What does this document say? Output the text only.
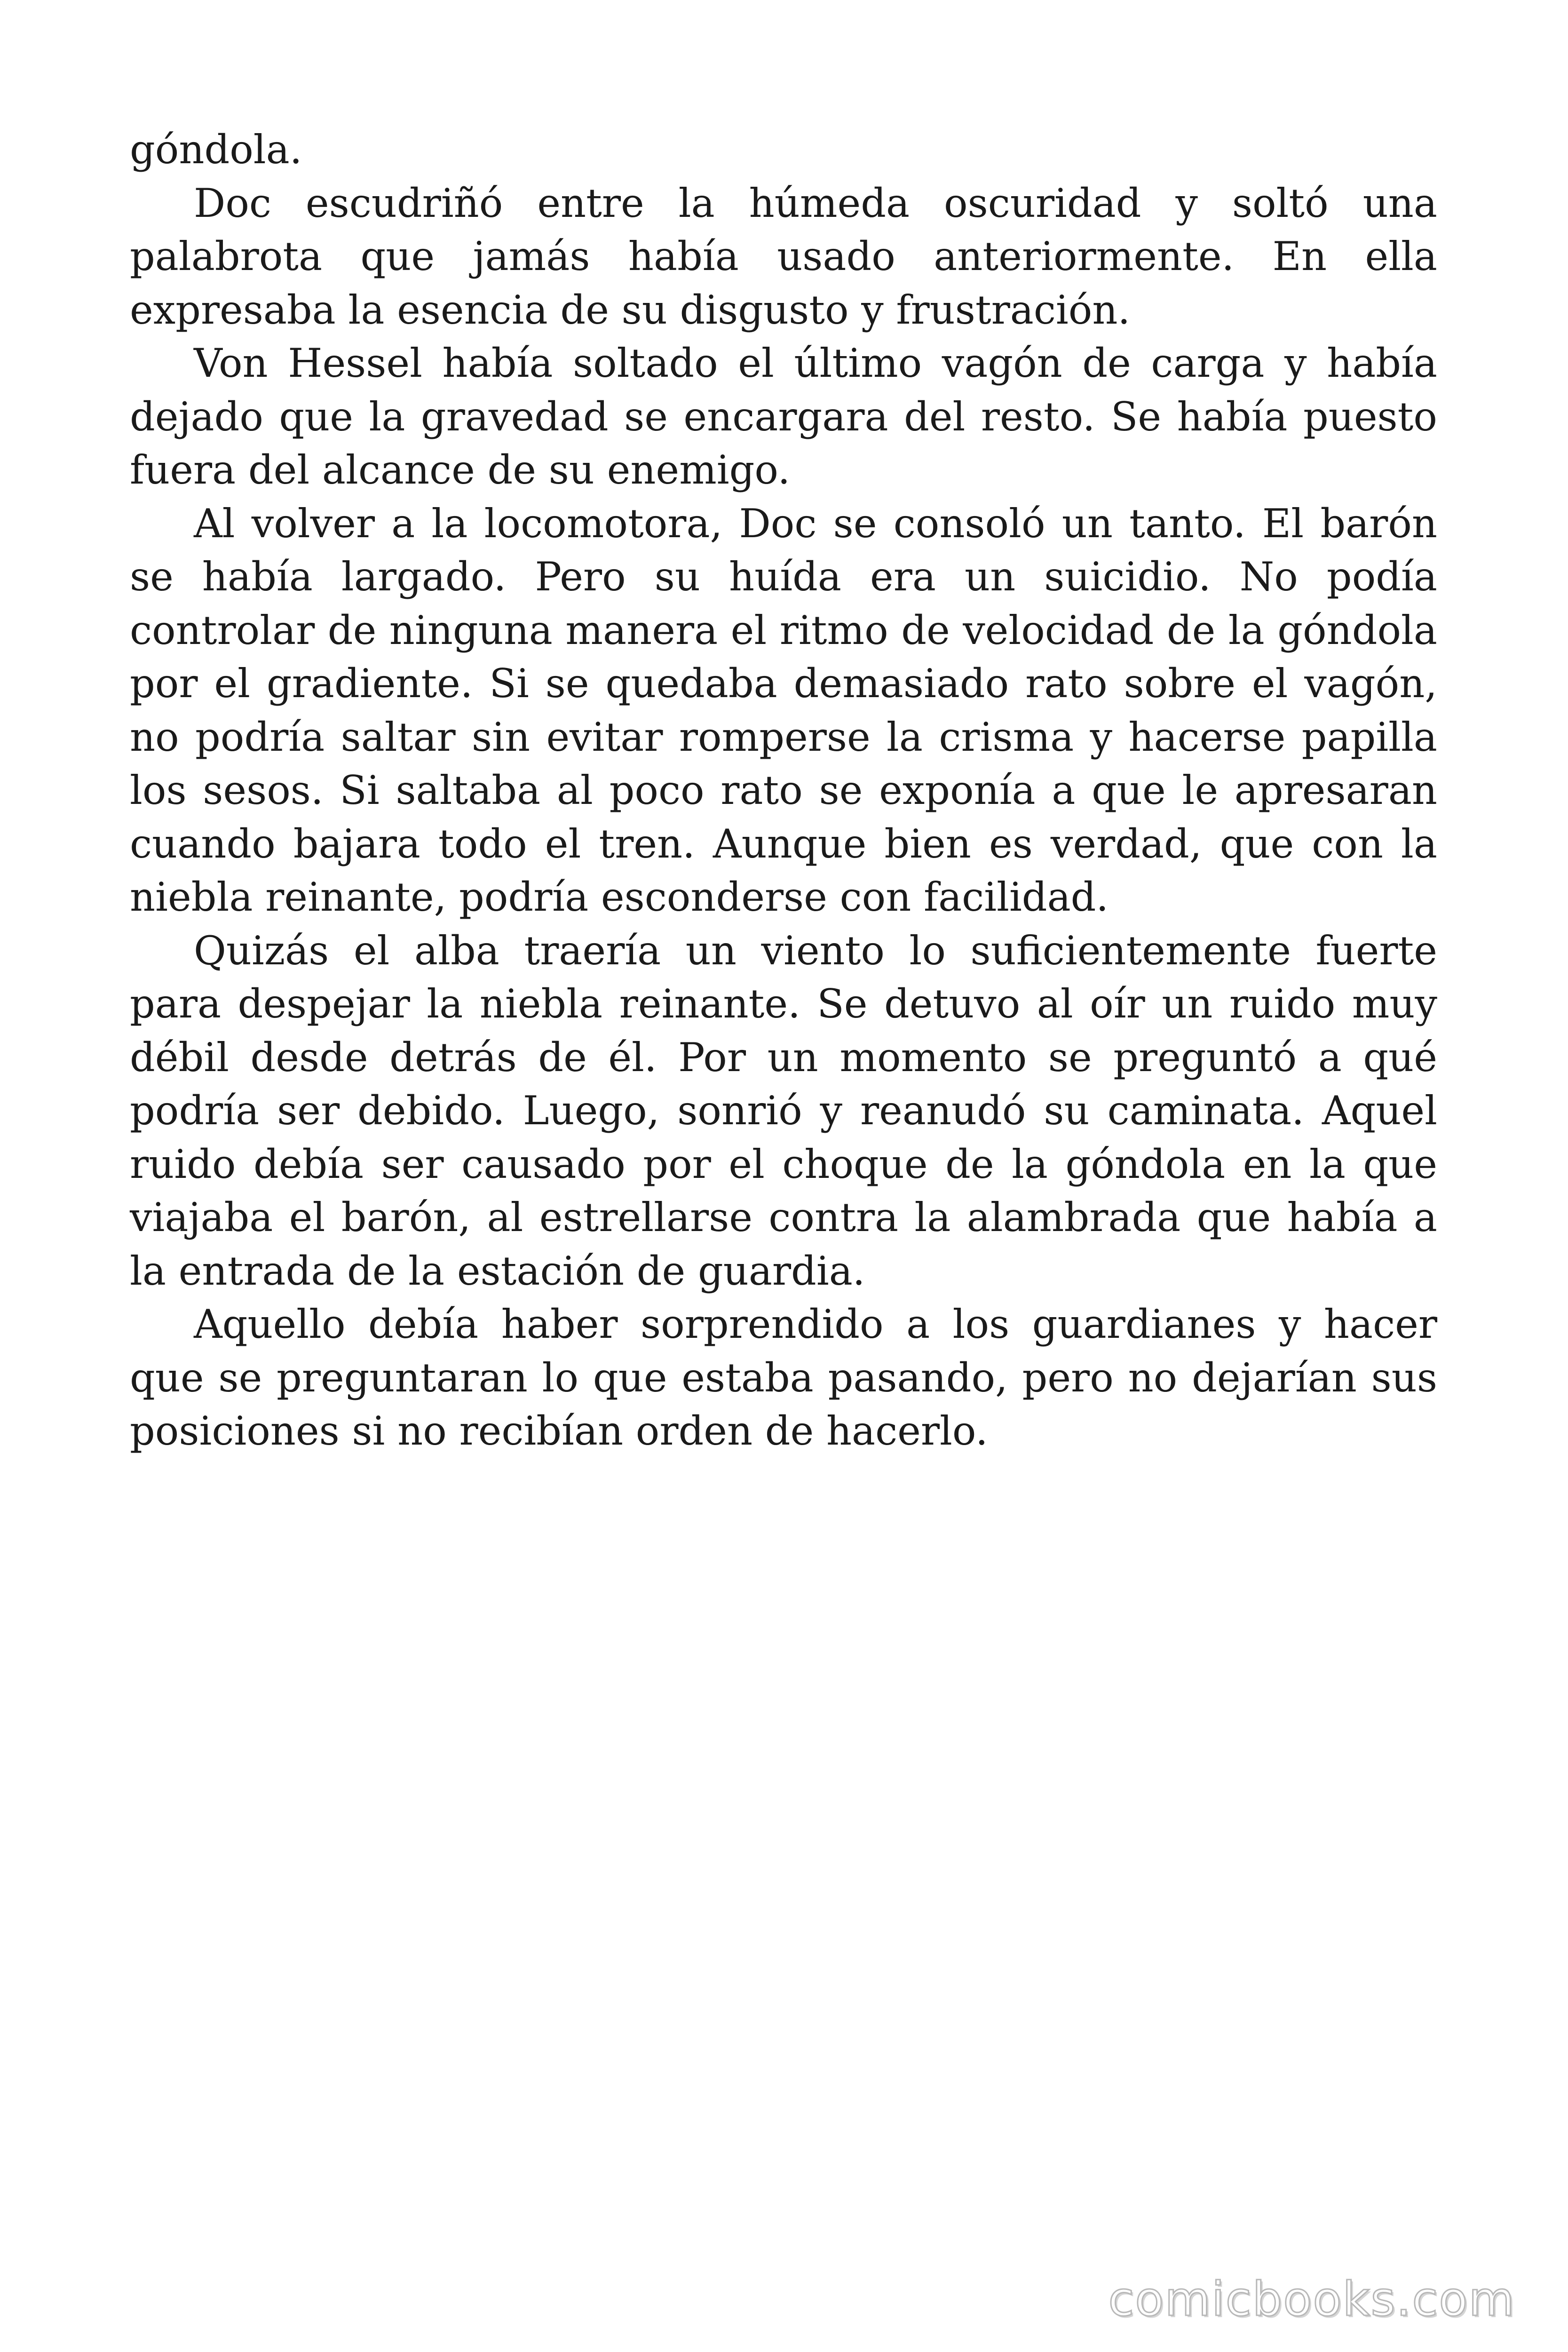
góndola.

Doc escudriñó entre la húmeda oscuridad y soltó una palabrota que jamás había usado anteriormente. En ella expresaba la esencia de su disgusto y frustración.

Von Hessel había soltado el último vagón de carga y había dejado que la gravedad se encargara del resto. Se había puesto fuera del alcance de su enemigo.

Al volver a la locomotora, Doc se consoló un tanto. El barón se había largado. Pero su huída era un suicidio. No podía controlar de ninguna manera el ritmo de velocidad de la góndola por el gradiente. Si se quedaba demasiado rato sobre el vagón, no podría saltar sin evitar romperse la crisma y hacerse papilla los sesos. Si saltaba al poco rato se exponía a que le apresaran cuando bajara todo el tren. Aunque bien es verdad, que con la niebla reinante, podría esconderse con facilidad.

Quizás el alba traería un viento lo suficientemente fuerte para despejar la niebla reinante. Se detuvo al oír un ruido muy débil desde detrás de él. Por un momento se preguntó a qué podría ser debido. Luego, sonrió y reanudó su caminata. Aquel ruido debía ser causado por el choque de la góndola en la que viajaba el barón, al estrellarse contra la alambrada que había a la entrada de la estación de guardia.

Aquello debía haber sorprendido a los guardianes y hacer que se preguntaran lo que estaba pasando, pero no dejarían sus posiciones si no recibían orden de hacerlo.

comicbooks.com
